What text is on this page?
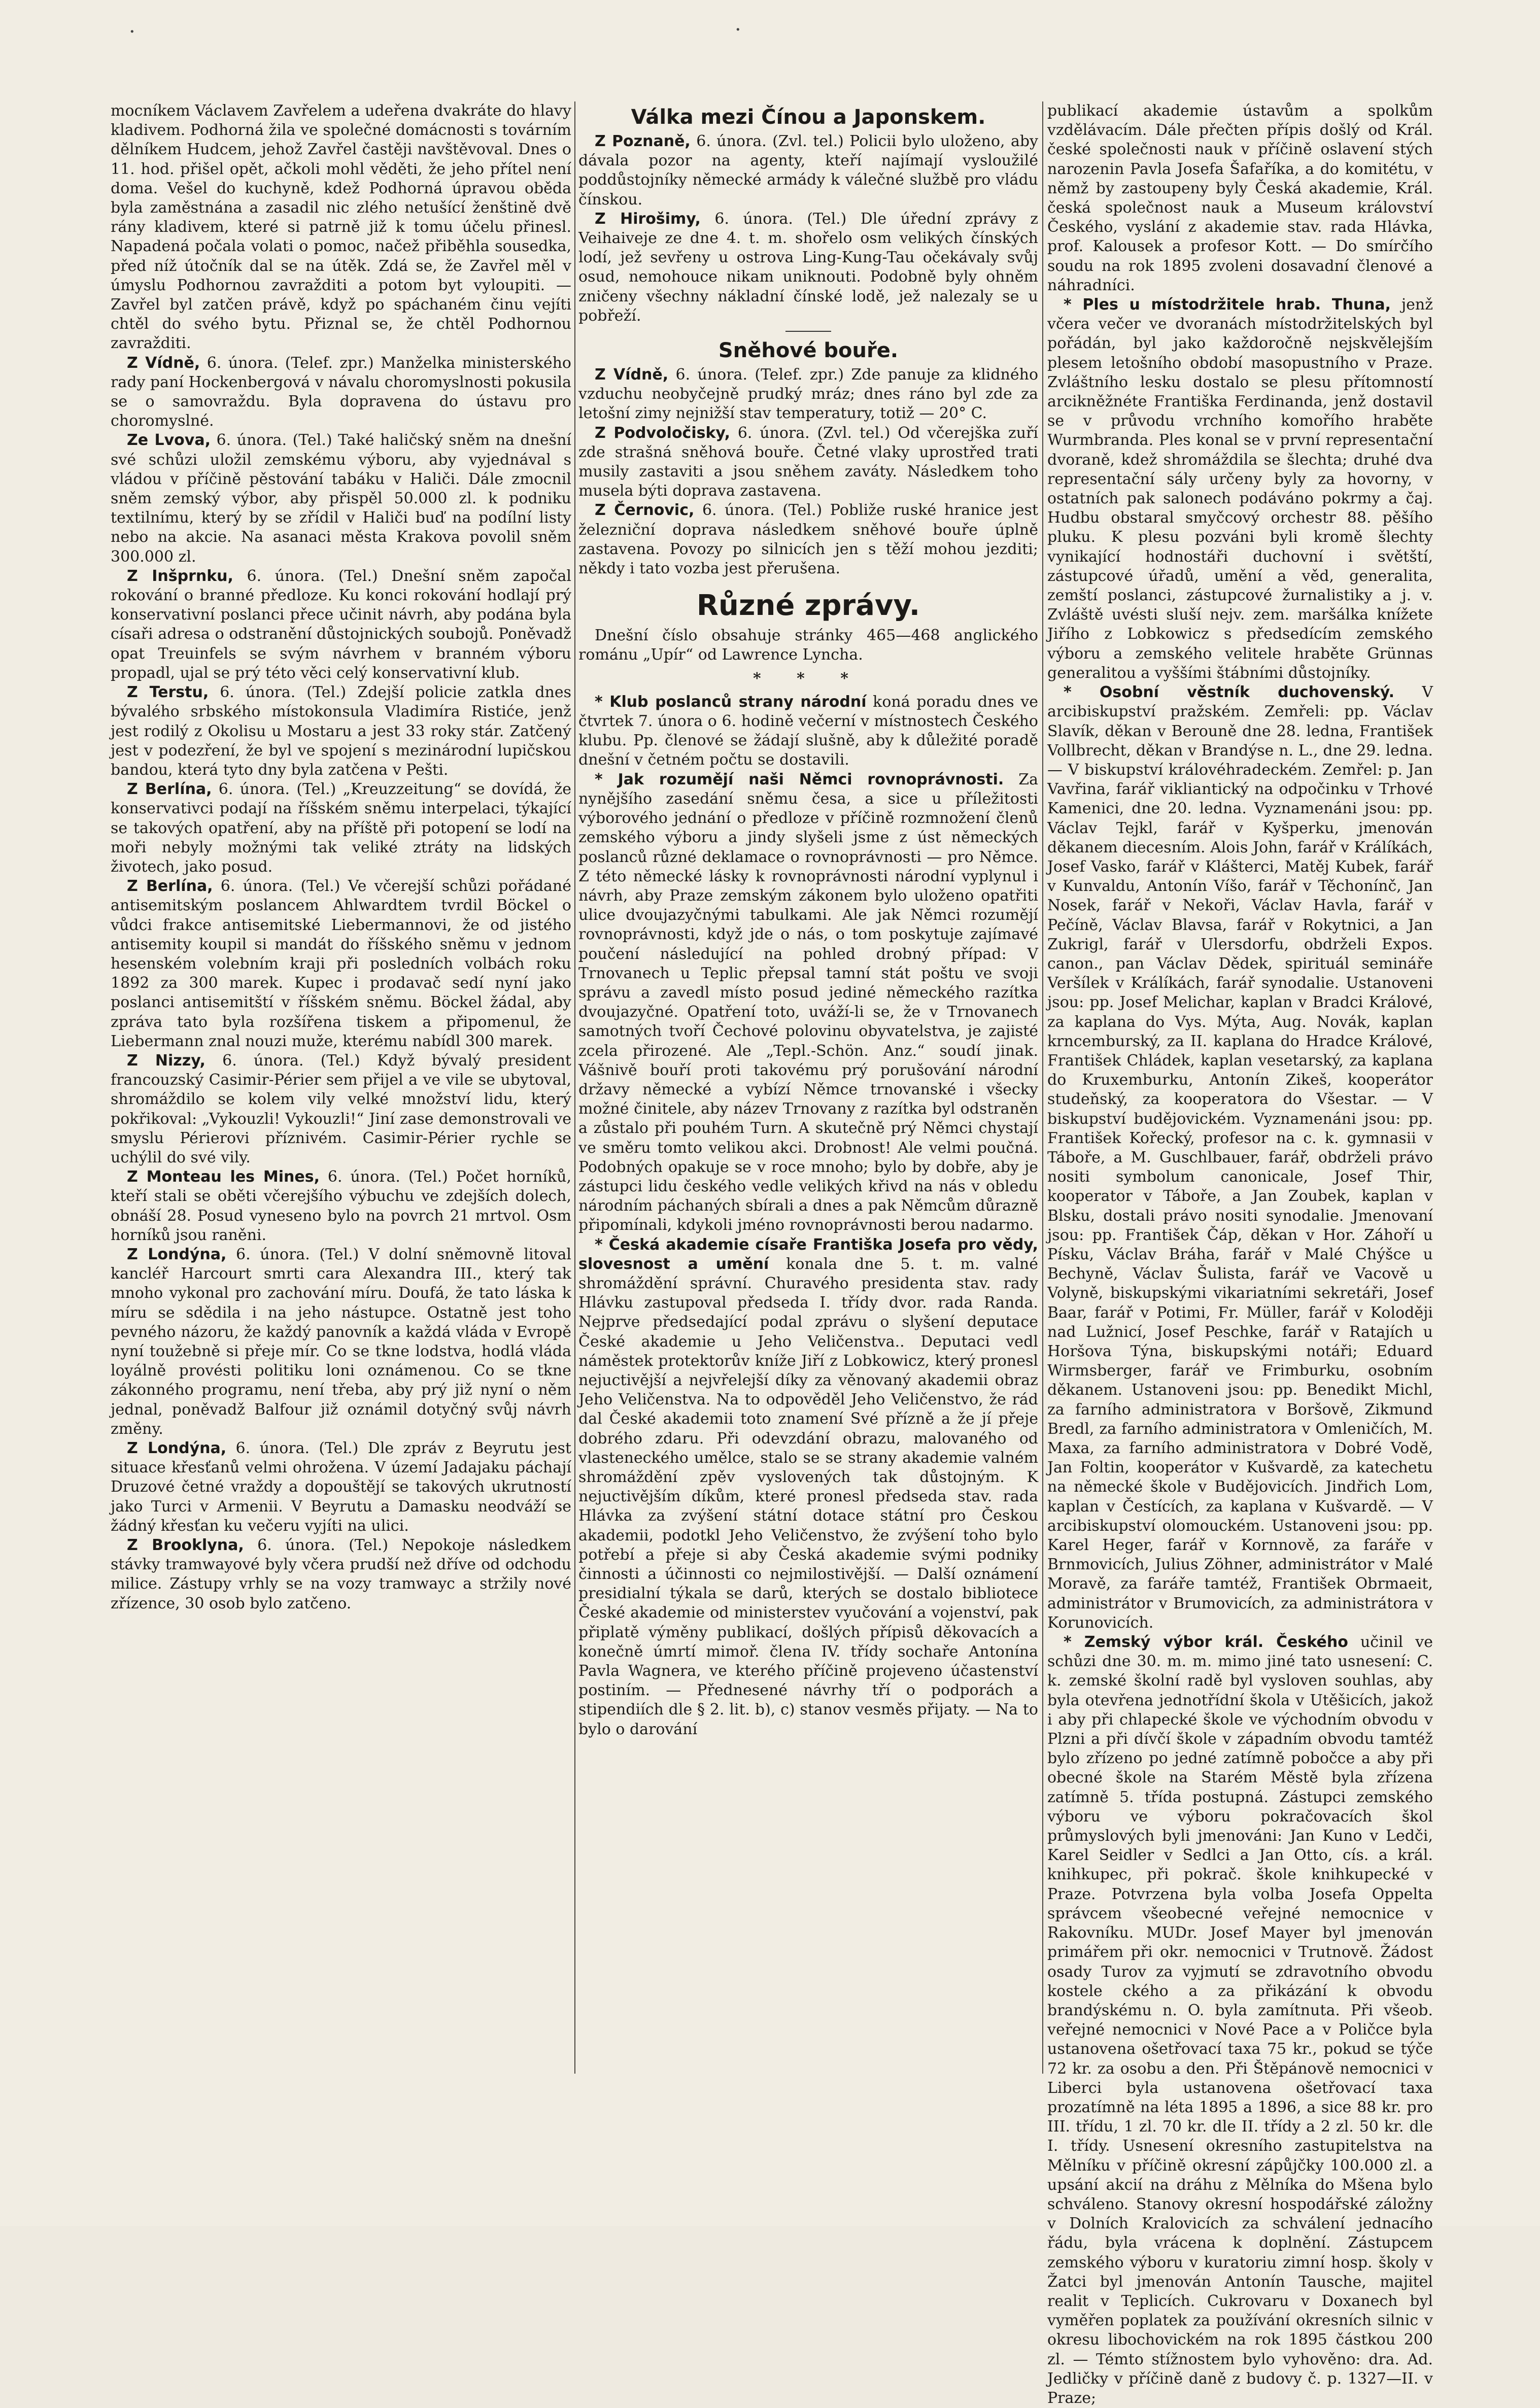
·	·

mocníkem Václavem Zavřelem a udeřena dvakráte do hlavy kladivem. Podhorná žila ve společné domácnosti s továrním dělníkem Hudcem, jehož Zavřel častěji navštěvoval. Dnes o 11. hod. přišel opět, ačkoli mohl věděti, že jeho přítel není doma. Vešel do kuchyně, kdež Podhorná úpravou oběda byla zaměstnána a zasadil nic zlého netušící ženštině dvě rány kladivem, které si patrně již k tomu účelu přinesl. Napadená počala volati o pomoc, načež přiběhla sousedka, před níž útočník dal se na útěk. Zdá se, že Zavřel měl v úmyslu Podhornou zavražditi a potom byt vyloupiti. — Zavřel byl zatčen právě, když po spáchaném činu vejíti chtěl do svého bytu. Přiznal se, že chtěl Podhornou zavražditi.

Z Vídně, 6. února. (Telef. zpr.) Manželka ministerského rady paní Hockenbergová v návalu choromyslnosti pokusila se o samovraždu. Byla dopravena do ústavu pro choromyslné.

Ze Lvova, 6. února. (Tel.) Také haličský sněm na dnešní své schůzi uložil zemskému výboru, aby vyjednával s vládou v příčině pěstování tabáku v Haliči. Dále zmocnil sněm zemský výbor, aby přispěl 50.000 zl. k podniku textilnímu, který by se zřídil v Haliči buď na podílní listy nebo na akcie. Na asanaci města Krakova povolil sněm 300.000 zl.

Z Inšprnku, 6. února. (Tel.) Dnešní sněm započal rokování o branné předloze. Ku konci rokování hodlají prý konservativní poslanci přece učinit návrh, aby podána byla císaři adresa o odstranění důstojnických soubojů. Poněvadž opat Treuinfels se svým návrhem v branném výboru propadl, ujal se prý této věci celý konservativní klub.

Z Terstu, 6. února. (Tel.) Zdejší policie zatkla dnes bývalého srbského místokonsula Vladimíra Ristiće, jenž jest rodilý z Okolisu u Mostaru a jest 33 roky stár. Zatčený jest v podezření, že byl ve spojení s mezinárodní lupičskou bandou, která tyto dny byla zatčena v Pešti.

Z Berlína, 6. února. (Tel.) „Kreuzzeitung“ se dovídá, že konservativci podají na říšském sněmu interpelaci, týkající se takových opatření, aby na příště při potopení se lodí na moři nebyly možnými tak veliké ztráty na lidských životech, jako posud.

Z Berlína, 6. února. (Tel.) Ve včerejší schůzi pořádané antisemitským poslancem Ahlwardtem tvrdil Böckel o vůdci frakce antisemitské Liebermannovi, že od jistého antisemity koupil si mandát do říšského sněmu v jednom hesenském volebním kraji při posledních volbách roku 1892 za 300 marek. Kupec i prodavač sedí nyní jako poslanci antisemitští v říšském sněmu. Böckel žádal, aby zpráva tato byla rozšířena tiskem a připomenul, že Liebermann znal nouzi muže, kterému nabídl 300 marek.

Z Nizzy, 6. února. (Tel.) Když bývalý president francouzský Casimir-Périer sem přijel a ve vile se ubytoval, shromáždilo se kolem vily velké množství lidu, který pokřikoval: „Vykouzli! Vykouzli!“ Jiní zase demonstrovali ve smyslu Périerovi příznivém. Casimir-Périer rychle se uchýlil do své vily.

Z Monteau les Mines, 6. února. (Tel.) Počet horníků, kteří stali se oběti včerejšího výbuchu ve zdejších dolech, obnáší 28. Posud vyneseno bylo na povrch 21 mrtvol. Osm horníků jsou raněni.

Z Londýna, 6. února. (Tel.) V dolní sněmovně litoval kancléř Harcourt smrti cara Alexandra III., který tak mnoho vykonal pro zachování míru. Doufá, že tato láska k míru se sdědila i na jeho nástupce. Ostatně jest toho pevného názoru, že každý panovník a každá vláda v Evropě nyní toužebně si přeje mír. Co se tkne lodstva, hodlá vláda loyálně provésti politiku loni oznámenou. Co se tkne zákonného programu, není třeba, aby prý již nyní o něm jednal, poněvadž Balfour již oznámil dotyčný svůj návrh změny.

Z Londýna, 6. února. (Tel.) Dle zpráv z Beyrutu jest situace křesťanů velmi ohrožena. V území Jadajaku páchají Druzové četné vraždy a dopouštějí se takových ukrutností jako Turci v Armenii. V Beyrutu a Damasku neodváží se žádný křesťan ku večeru vyjíti na ulici.

Z Brooklyna, 6. února. (Tel.) Nepokoje následkem stávky tramwayové byly včera prudší než dříve od odchodu milice. Zástupy vrhly se na vozy tramwayc a stržily nové zřízence, 30 osob bylo zatčeno.

Válka mezi Čínou a Japonskem.

Z Poznaně, 6. února. (Zvl. tel.) Policii bylo uloženo, aby dávala pozor na agenty, kteří najímají vysloužilé poddůstojníky německé armády k válečné službě pro vládu čínskou.

Z Hirošimy, 6. února. (Tel.) Dle úřední zprávy z Veihaiveje ze dne 4. t. m. shořelo osm velikých čínských lodí, jež sevřeny u ostrova Ling-Kung-Tau očekávaly svůj osud, nemohouce nikam uniknouti. Podobně byly ohněm zničeny všechny nákladní čínské lodě, jež nalezaly se u pobřeží.

Sněhové bouře.

Z Vídně, 6. února. (Telef. zpr.) Zde panuje za klidného vzduchu neobyčejně prudký mráz; dnes ráno byl zde za letošní zimy nejnižší stav temperatury, totiž — 20° C.

Z Podvoločisky, 6. února. (Zvl. tel.) Od včerejška zuří zde strašná sněhová bouře. Četné vlaky uprostřed trati musily zastaviti a jsou sněhem zaváty. Následkem toho musela býti doprava zastavena.

Z Černovic, 6. února. (Tel.) Pobliže ruské hranice jest železniční doprava následkem sněhové bouře úplně zastavena. Povozy po silnicích jen s těží mohou jezditi; někdy i tato vozba jest přerušena.

Různé zprávy.

Dnešní číslo obsahuje stránky 465—468 anglického románu „Upír“ od Lawrence Lyncha.

* * *

* Klub poslanců strany národní koná poradu dnes ve čtvrtek 7. února o 6. hodině večerní v místnostech Českého klubu. Pp. členové se žádají slušně, aby k důležité poradě dnešní v četném počtu se dostavili.

* Jak rozumějí naši Němci rovnoprávnosti. Za nynějšího zasedání sněmu česa, a sice u příležitosti výborového jednání o předloze v příčině rozmnožení členů zemského výboru a jindy slyšeli jsme z úst německých poslanců různé deklamace o rovnoprávnosti — pro Němce. Z této německé lásky k rovnoprávnosti národní vyplynul i návrh, aby Praze zemským zákonem bylo uloženo opatřiti ulice dvoujazyčnými tabulkami. Ale jak Němci rozumějí rovnoprávnosti, když jde o nás, o tom poskytuje zajímavé poučení následující na pohled drobný případ: V Trnovanech u Teplic přepsal tamní stát poštu ve svoji správu a zavedl místo posud jediné německého razítka dvoujazyčné. Opatření toto, uváží-li se, že v Trnovanech samotných tvoří Čechové polovinu obyvatelstva, je zajisté zcela přirozené. Ale „Tepl.-Schön. Anz.“ soudí jinak. Vášnivě bouří proti takovému prý porušování národní državy německé a vybízí Němce trnovanské i všecky možné činitele, aby název Trnovany z razítka byl odstraněn a zůstalo při pouhém Turn. A skutečně prý Němci chystají ve směru tomto velikou akci. Drobnost! Ale velmi poučná. Podobných opakuje se v roce mnoho; bylo by dobře, aby je zástupci lidu českého vedle velikých křivd na nás v obledu národním páchaných sbírali a dnes a pak Němcům důrazně připomínali, kdykoli jméno rovnoprávnosti berou nadarmo.

* Česká akademie císaře Františka Josefa pro vědy, slovesnost a umění konala dne 5. t. m. valné shromáždění správní. Churavého presidenta stav. rady Hlávku zastupoval předseda I. třídy dvor. rada Randa. Nejprve předsedající podal zprávu o slyšení deputace České akademie u Jeho Veličenstva.. Deputaci vedl náměstek protektorův kníže Jiří z Lobkowicz, který pronesl nejuctivější a nejvřelejší díky za věnovaný akademii obraz Jeho Veličenstva. Na to odpověděl Jeho Veličenstvo, že rád dal České akademii toto znamení Své přízně a že jí přeje dobrého zdaru. Při odevzdání obrazu, malovaného od vlasteneckého umělce, stalo se se strany akademie valném shromáždění zpěv vyslovených tak důstojným. K nejuctivějším díkům, které pronesl předseda stav. rada Hlávka za zvýšení státní dotace státní pro Českou akademii, podotkl Jeho Veličenstvo, že zvýšení toho bylo potřebí a přeje si aby Česká akademie svými podniky činnosti a účinnosti co nejmilostivější. — Další oznámení presidialní týkala se darů, kterých se dostalo bibliotece České akademie od ministerstev vyučování a vojenství, pak připlatě výměny publikací, došlých přípisů děkovacích a konečně úmrtí mimoř. člena IV. třídy sochaře Antonína Pavla Wagnera, ve kterého příčině projeveno účastenství postiním. — Přednesené návrhy tří o podporách a stipendiích dle § 2. lit. b), c) stanov vesměs přijaty. — Na to bylo o darování

publikací akademie ústavům a spolkům vzdělávacím. Dále přečten přípis došlý od Král. české společnosti nauk v příčině oslavení stých narozenin Pavla Josefa Šafaříka, a do komitétu, v němž by zastoupeny byly Česká akademie, Král. česká společnost nauk a Museum království Českého, vyslání z akademie stav. rada Hlávka, prof. Kalousek a profesor Kott. — Do smírčího soudu na rok 1895 zvoleni dosavadní členové a náhradníci.

* Ples u místodržitele hrab. Thuna, jenž včera večer ve dvoranách místodržitelských byl pořádán, byl jako každoročně nejskvělejším plesem letošního období masopustního v Praze. Zvláštního lesku dostalo se plesu přítomností arcikněžnéte Františka Ferdinanda, jenž dostavil se v průvodu vrchního komořího hraběte Wurmbranda. Ples konal se v první representační dvoraně, kdež shromáždila se šlechta; druhé dva representační sály určeny byly za hovorny, v ostatních pak salonech podáváno pokrmy a čaj. Hudbu obstaral smyčcový orchestr 88. pěšího pluku. K plesu pozváni byli kromě šlechty vynikající hodnostáři duchovní i světští, zástupcové úřadů, umění a věd, generalita, zemští poslanci, zástupcové žurnalistiky a j. v. Zvláště uvésti sluší nejv. zem. maršálka knížete Jiřího z Lobkowicz s předsedícím zemského výboru a zemského velitele hraběte Grünnas generalitou a vyššími štábními důstojníky.

* Osobní věstník duchovenský. V arcibiskupství pražském. Zemřeli: pp. Václav Slavík, děkan v Berouně dne 28. ledna, František Vollbrecht, děkan v Brandýse n. L., dne 29. ledna. — V biskupství královéhradeckém. Zemřel: p. Jan Vavřina, farář vikliantický na odpočinku v Trhové Kamenici, dne 20. ledna. Vyznamenáni jsou: pp. Václav Tejkl, farář v Kyšperku, jmenován děkanem diecesním. Alois John, farář v Králíkách, Josef Vasko, farář v Klášterci, Matěj Kubek, farář v Kunvaldu, Antonín Víšo, farář v Těchonínč, Jan Nosek, farář v Nekoři, Václav Havla, farář v Pečíně, Václav Blavsa, farář v Rokytnici, a Jan Zukrigl, farář v Ulersdorfu, obdrželi Expos. canon., pan Václav Dědek, spirituál semináře Veršílek v Králíkách, farář synodalie. Ustanoveni jsou: pp. Josef Melichar, kaplan v Bradci Králové, za kaplana do Vys. Mýta, Aug. Novák, kaplan krncemburský, za II. kaplana do Hradce Králové, František Chládek, kaplan vesetarský, za kaplana do Kruxemburku, Antonín Zikeš, kooperátor studeňský, za kooperatora do Všestar. — V biskupství budějovickém. Vyznamenáni jsou: pp. František Kořecký, profesor na c. k. gymnasii v Táboře, a M. Guschlbauer, farář, obdrželi právo nositi symbolum canonicale, Josef Thir, kooperator v Táboře, a Jan Zoubek, kaplan v Blsku, dostali právo nositi synodalie. Jmenovaní jsou: pp. František Čáp, děkan v Hor. Záhoří u Písku, Václav Bráha, farář v Malé Chýšce u Bechyně, Václav Šulista, farář ve Vacově u Volyně, biskupskými vikariatními sekretáři, Josef Baar, farář v Potimi, Fr. Müller, farář v Koloději nad Lužnicí, Josef Peschke, farář v Ratajích u Horšova Týna, biskupskými notáři; Eduard Wirmsberger, farář ve Frimburku, osobním děkanem. Ustanoveni jsou: pp. Benedikt Michl, za farního administratora v Boršově, Zikmund Bredl, za farního administratora v Omleničích, M. Maxa, za farního administratora v Dobré Vodě, Jan Foltin, kooperátor v Kušvardě, za katechetu na německé škole v Budějovicích. Jindřich Lom, kaplan v Čestících, za kaplana v Kušvardě. — V arcibiskupství olomouckém. Ustanoveni jsou: pp. Karel Heger, farář v Kornnově, za faráře v Brnmovicích, Julius Zöhner, administrátor v Malé Moravě, za faráře tamtéž, František Obrmaeit, administrátor v Brumovicích, za administrátora v Korunovicích.

* Zemský výbor král. Českého učinil ve schůzi dne 30. m. m. mimo jiné tato usnesení: C. k. zemské školní radě byl vysloven souhlas, aby byla otevřena jednotřídní škola v Utěšicích, jakož i aby při chlapecké škole ve východním obvodu v Plzni a při dívčí škole v západním obvodu tamtéž bylo zřízeno po jedné zatímně pobočce a aby při obecné škole na Starém Městě byla zřízena zatímně 5. třída postupná. Zástupci zemského výboru ve výboru pokračovacích škol průmyslových byli jmenováni: Jan Kuno v Ledči, Karel Seidler v Sedlci a Jan Otto, cís. a král. knihkupec, při pokrač. škole knihkupecké v Praze. Potvrzena byla volba Josefa Oppelta správcem všeobecné veřejné nemocnice v Rakovníku. MUDr. Josef Mayer byl jmenován primářem při okr. nemocnici v Trutnově. Žádost osady Turov za vyjmutí se zdravotního obvodu kostele ckého a za přikázání k obvodu brandýskému n. O. byla zamítnuta. Při všeob. veřejné nemocnici v Nové Pace a v Poličce byla ustanovena ošetřovací taxa 75 kr., pokud se týče 72 kr. za osobu a den. Při Štěpánově nemocnici v Liberci byla ustanovena ošetřovací taxa prozatímně na léta 1895 a 1896, a sice 88 kr. pro III. třídu, 1 zl. 70 kr. dle II. třídy a 2 zl. 50 kr. dle I. třídy. Usnesení okresního zastupitelstva na Mělníku v příčině okresní zápůjčky 100.000 zl. a upsání akcií na dráhu z Mělníka do Mšena bylo schváleno. Stanovy okresní hospodářské záložny v Dolních Kralovicích za schválení jednacího řádu, byla vrácena k doplnění. Zástupcem zemského výboru v kuratoriu zimní hosp. školy v Žatci byl jmenován Antonín Tausche, majitel realit v Teplicích. Cukrovaru v Doxanech byl vyměřen poplatek za používání okresních silnic v okresu libochovickém na rok 1895 částkou 200 zl. — Témto stížnostem bylo vyhověno: dra. Ad. Jedličky v příčině daně z budovy č. p. 1327—II. v Praze;
